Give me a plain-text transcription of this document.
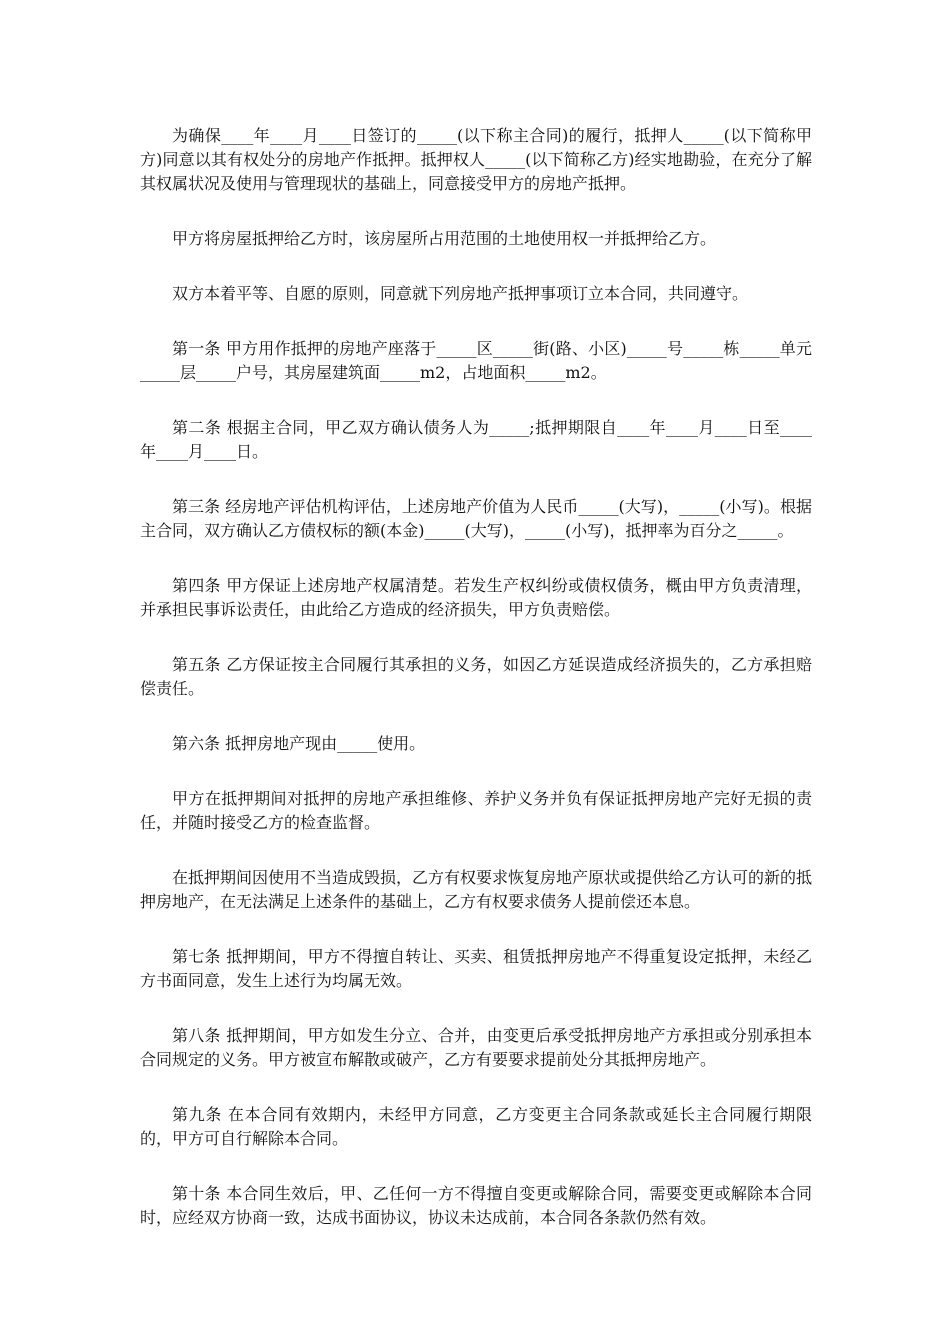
为确保____年____月____日签订的_____(以下称主合同)的履行，抵押人_____(以下简称甲方)同意以其有权处分的房地产作抵押。抵押权人_____(以下简称乙方)经实地勘验，在充分了解其权属状况及使用与管理现状的基础上，同意接受甲方的房地产抵押。

甲方将房屋抵押给乙方时，该房屋所占用范围的土地使用权一并抵押给乙方。

双方本着平等、自愿的原则，同意就下列房地产抵押事项订立本合同，共同遵守。

第一条 甲方用作抵押的房地产座落于_____区_____街(路、小区)_____号_____栋_____单元_____层_____户号，其房屋建筑面_____m2，占地面积_____m2。

第二条 根据主合同，甲乙双方确认债务人为_____;抵押期限自____年____月____日至____年____月____日。

第三条 经房地产评估机构评估，上述房地产价值为人民币_____(大写)，_____(小写)。根据主合同，双方确认乙方债权标的额(本金)_____(大写)，_____(小写)，抵押率为百分之_____。

第四条 甲方保证上述房地产权属清楚。若发生产权纠纷或债权债务，概由甲方负责清理，并承担民事诉讼责任，由此给乙方造成的经济损失，甲方负责赔偿。

第五条 乙方保证按主合同履行其承担的义务，如因乙方延误造成经济损失的，乙方承担赔偿责任。

第六条 抵押房地产现由_____使用。

甲方在抵押期间对抵押的房地产承担维修、养护义务并负有保证抵押房地产完好无损的责任，并随时接受乙方的检查监督。

在抵押期间因使用不当造成毁损，乙方有权要求恢复房地产原状或提供给乙方认可的新的抵押房地产，在无法满足上述条件的基础上，乙方有权要求债务人提前偿还本息。

第七条 抵押期间，甲方不得擅自转让、买卖、租赁抵押房地产不得重复设定抵押，未经乙方书面同意，发生上述行为均属无效。

第八条 抵押期间，甲方如发生分立、合并，由变更后承受抵押房地产方承担或分别承担本合同规定的义务。甲方被宣布解散或破产，乙方有要要求提前处分其抵押房地产。

第九条 在本合同有效期内，未经甲方同意，乙方变更主合同条款或延长主合同履行期限的，甲方可自行解除本合同。

第十条 本合同生效后，甲、乙任何一方不得擅自变更或解除合同，需要变更或解除本合同时，应经双方协商一致，达成书面协议，协议未达成前，本合同各条款仍然有效。
